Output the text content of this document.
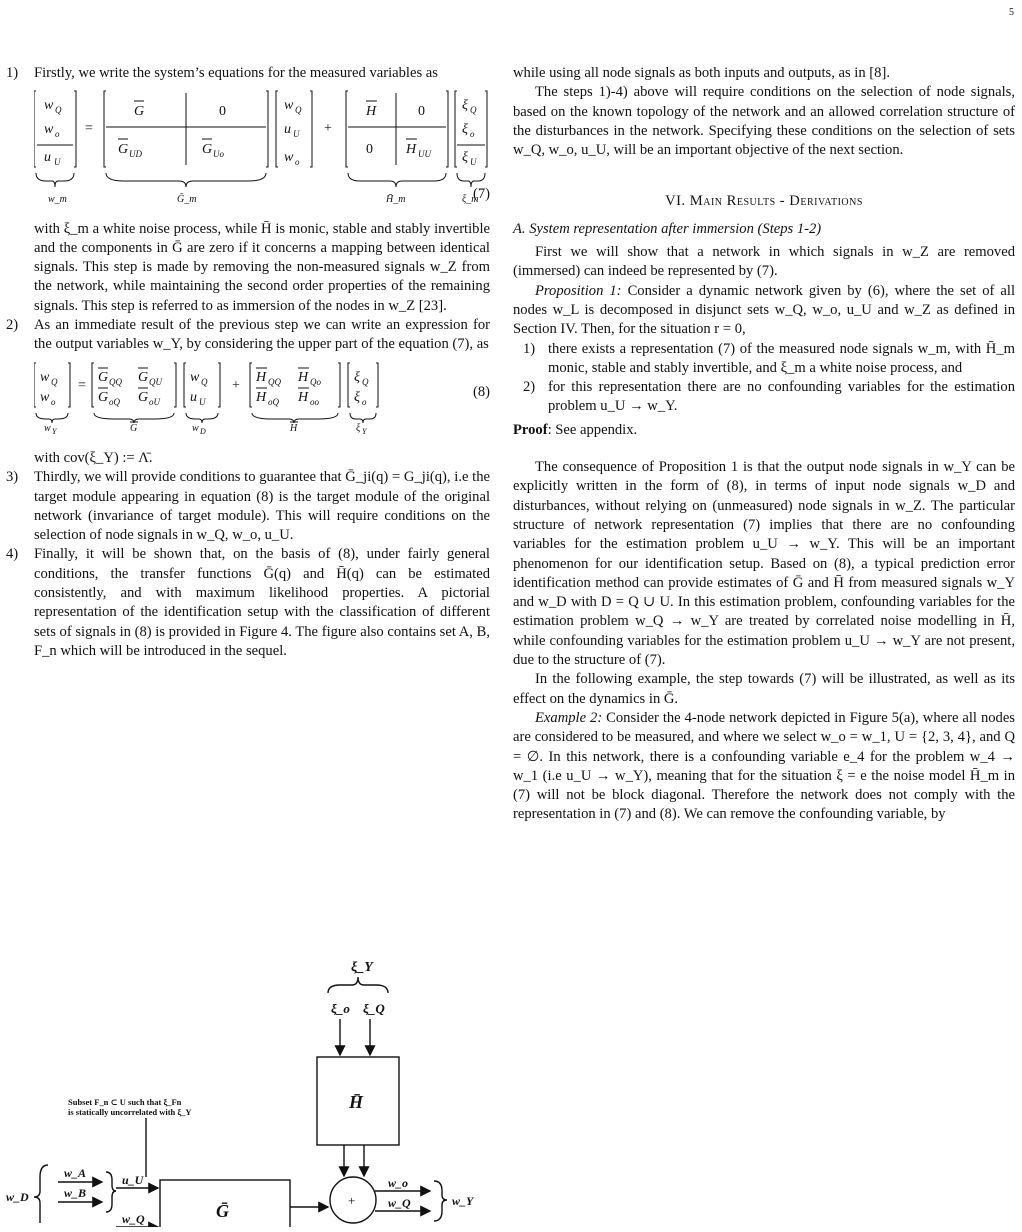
5
1) Firstly, we write the system’s equations for the measured variables as

w Q
w o
u U
w_m
=
G	0
G UD	G Uo
Ḡ_m
w Q
u U
w o
+
H	0
0 H UU
H̄_m
ξ Q
ξ o
ξ U
ξ_m
(7)

with ξ_m a white noise process, while H̄ is monic, stable and stably invertible and the components in Ḡ are zero if it concerns a mapping between identical signals. This step is made by removing the non-measured signals w_Z from the network, while maintaining the second order properties of the remaining signals. This step is referred to as immersion of the nodes in w_Z [23].

2) As an immediate result of the previous step we can write an expression for the output variables w_Y, by considering the upper part of the equation (7), as

w Q
w o
=
G QQ G QU
G oQ G oU
w Q
u U
+
H QQ H Qo
H oQ H oo
ξ Q
ξ o
w Y	G	w D	H	ξ Y
(8)

with cov(ξ_Y) := Λ̄.

3) Thirdly, we will provide conditions to guarantee that Ḡ_ji(q) = G_ji(q), i.e the target module appearing in equation (8) is the target module of the original network (invariance of target module). This will require conditions on the selection of node signals in w_Q, w_o, u_U.

4) Finally, it will be shown that, on the basis of (8), under fairly general conditions, the transfer functions Ḡ(q) and H̄(q) can be estimated consistently, and with maximum likelihood properties. A pictorial representation of the identification setup with the classification of different sets of signals in (8) is provided in Figure 4. The figure also contains set A, B, F_n which will be introduced in the sequel.

ξ_Y
ξ_o ξ_Q
H̄
Ḡ
+
w_o
w_Q	w_Y
u_U
w_Q
w_A
w_B
w_D
Subset F_n ⊂ U such that ξ_Fn
is statically uncorrelated with ξ_Y

while using all node signals as both inputs and outputs, as in [8].

The steps 1)-4) above will require conditions on the selection of node signals, based on the known topology of the network and an allowed correlation structure of the disturbances in the network. Specifying these conditions on the selection of sets w_Q, w_o, u_U, will be an important objective of the next section.

VI. Main Results - Derivations
A. System representation after immersion (Steps 1-2)

First we will show that a network in which signals in w_Z are removed (immersed) can indeed be represented by (7).

Proposition 1: Consider a dynamic network given by (6), where the set of all nodes w_L is decomposed in disjunct sets w_Q, w_o, u_U and w_Z as defined in Section IV. Then, for the situation r = 0,

1) there exists a representation (7) of the measured node signals w_m, with H̄_m monic, stable and stably invertible, and ξ_m a white noise process, and
2) for this representation there are no confounding variables for the estimation problem u_U → w_Y.

Proof: See appendix.

The consequence of Proposition 1 is that the output node signals in w_Y can be explicitly written in the form of (8), in terms of input node signals w_D and disturbances, without relying on (unmeasured) node signals in w_Z. The particular structure of network representation (7) implies that there are no confounding variables for the estimation problem u_U → w_Y. This will be an important phenomenon for our identification setup. Based on (8), a typical prediction error identification method can provide estimates of Ḡ and H̄ from measured signals w_Y and w_D with D = Q ∪ U. In this estimation problem, confounding variables for the estimation problem w_Q → w_Y are treated by correlated noise modelling in H̄, while confounding variables for the estimation problem u_U → w_Y are not present, due to the structure of (7).

In the following example, the step towards (7) will be illustrated, as well as its effect on the dynamics in Ḡ.

Example 2: Consider the 4-node network depicted in Figure 5(a), where all nodes are considered to be measured, and where we select w_o = w_1, U = {2, 3, 4}, and Q = ∅. In this network, there is a confounding variable e_4 for the problem w_4 → w_1 (i.e u_U → w_Y), meaning that for the situation ξ = e the noise model H̄_m in (7) will not be block diagonal. Therefore the network does not comply with the representation in (7) and (8). We can remove the confounding variable, by
